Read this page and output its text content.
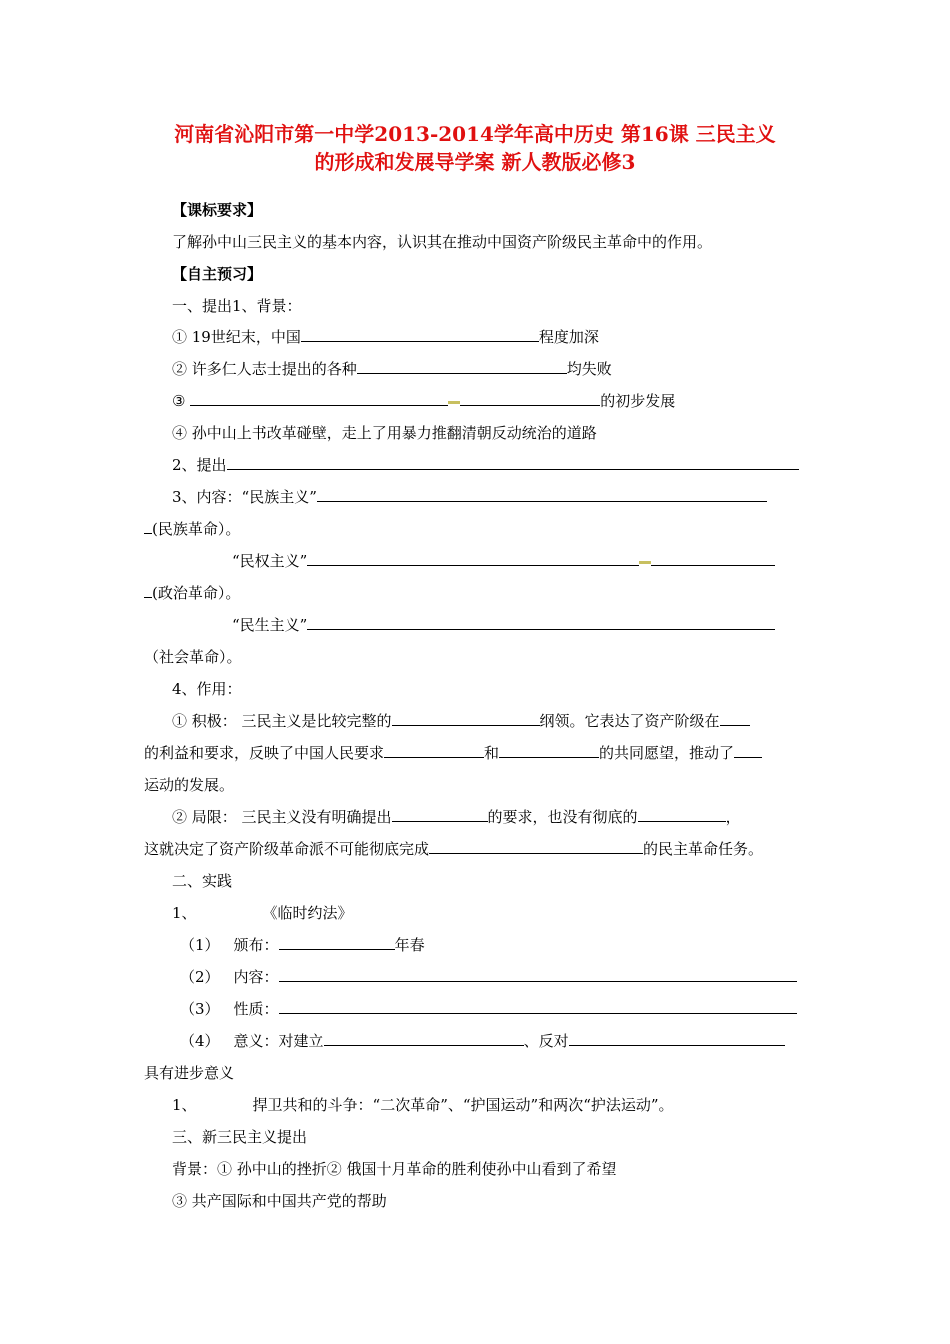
河南省沁阳市第一中学2013-2014学年高中历史 第16课 三民主义
的形成和发展导学案 新人教版必修3
【课标要求】
了解孙中山三民主义的基本内容，认识其在推动中国资产阶级民主革命中的作用。
【自主预习】
一、提出1、背景：
① 19世纪末，中国	程度加深
② 许多仁人志士提出的各种	均失败
③	的初步发展
④ 孙中山上书改革碰壁，走上了用暴力推翻清朝反动统治的道路
2、提出
3、内容：“民族主义”
(民族革命）。
“民权主义”
(政治革命）。
“民生主义”
（社会革命）。
4、作用：
① 积极： 三民主义是比较完整的	纲领。它表达了资产阶级在
的利益和要求，反映了中国人民要求	和	的共同愿望，推动了
运动的发展。
② 局限： 三民主义没有明确提出	的要求，也没有彻底的	，
这就决定了资产阶级革命派不可能彻底完成	的民主革命任务。
二、实践
1、	《临时约法》
（1） 颁布：	年春
（2） 内容：
（3） 性质：
（4） 意义：对建立	、反对
具有进步意义
1、	捍卫共和的斗争：“二次革命”、“护国运动”和两次“护法运动”。
三、新三民主义提出
背景：① 孙中山的挫折② 俄国十月革命的胜利使孙中山看到了希望
③ 共产国际和中国共产党的帮助
